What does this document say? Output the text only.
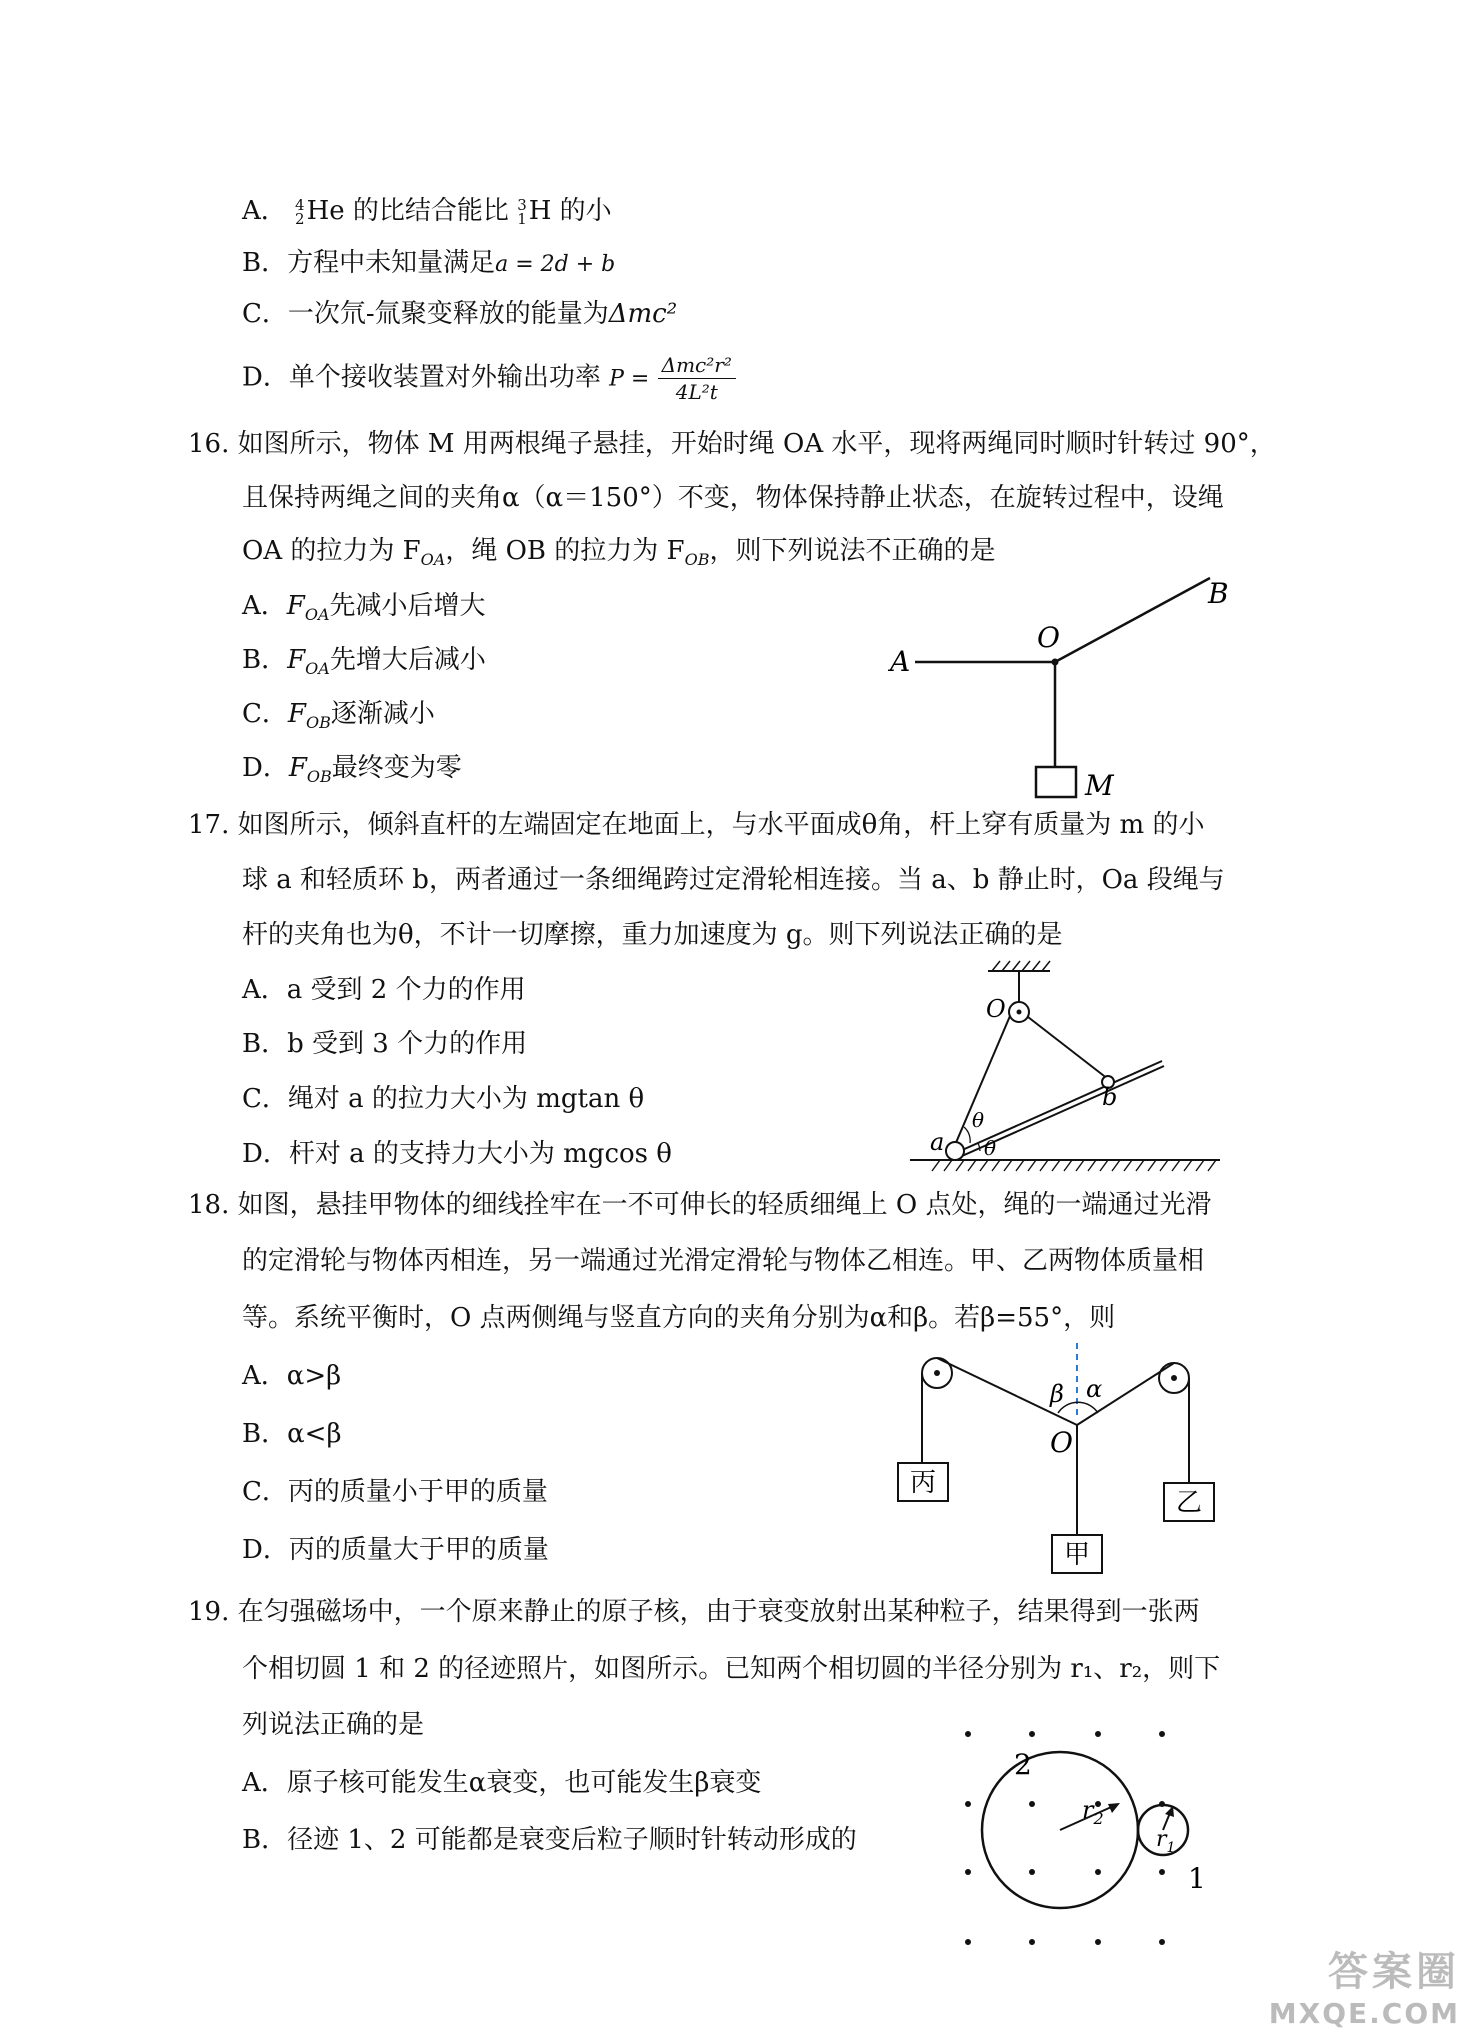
A． 4
2 He 的比结合能比 3
1 H 的小
B．方程中未知量满足a = 2d + b
C．一次氘-氚聚变释放的能量为Δmc²
D．单个接收装置对外输出功率 $P = \frac{\text{Δmc²r²}}{\text{4L²t}}$
16. 如图所示，物体 M 用两根绳子悬挂，开始时绳 OA 水平，现将两绳同时顺时针转过 90°，
且保持两绳之间的夹角α（α＝150°）不变，物体保持静止状态，在旋转过程中，设绳
OA 的拉力为 $F_{OA}$，绳 OB 的拉力为 $F_{OB}$，则下列说法不正确的是
A．$F_{OA}$先减小后增大
B．$F_{OA}$先增大后减小
C．$F_{OB}$逐渐减小
D．$F_{OB}$最终变为零
A
O
B
M
17. 如图所示，倾斜直杆的左端固定在地面上，与水平面成θ角，杆上穿有质量为 m 的小
球 a 和轻质环 b，两者通过一条细绳跨过定滑轮相连接。当 a、b 静止时，Oa 段绳与
杆的夹角也为θ，不计一切摩擦，重力加速度为 g。则下列说法正确的是
A．a 受到 2 个力的作用
B．b 受到 3 个力的作用
C．绳对 a 的拉力大小为 mgtan θ
D．杆对 a 的支持力大小为 mgcos θ
O
b
a
θ
θ
18. 如图，悬挂甲物体的细线拴牢在一不可伸长的轻质细绳上 O 点处，绳的一端通过光滑
的定滑轮与物体丙相连，另一端通过光滑定滑轮与物体乙相连。甲、乙两物体质量相
等。系统平衡时，O 点两侧绳与竖直方向的夹角分别为α和β。若β=55°，则
A．α>β
B．α<β
C．丙的质量小于甲的质量
D．丙的质量大于甲的质量
丙
乙
甲
O
β α
19. 在匀强磁场中，一个原来静止的原子核，由于衰变放射出某种粒子，结果得到一张两
个相切圆 1 和 2 的径迹照片，如图所示。已知两个相切圆的半径分别为 r₁、r₂，则下
列说法正确的是
A．原子核可能发生α衰变，也可能发生β衰变
B．径迹 1、2 可能都是衰变后粒子顺时针转动形成的
2
1
$r_2$
$r_1$
答案圈
MXQE.COM
